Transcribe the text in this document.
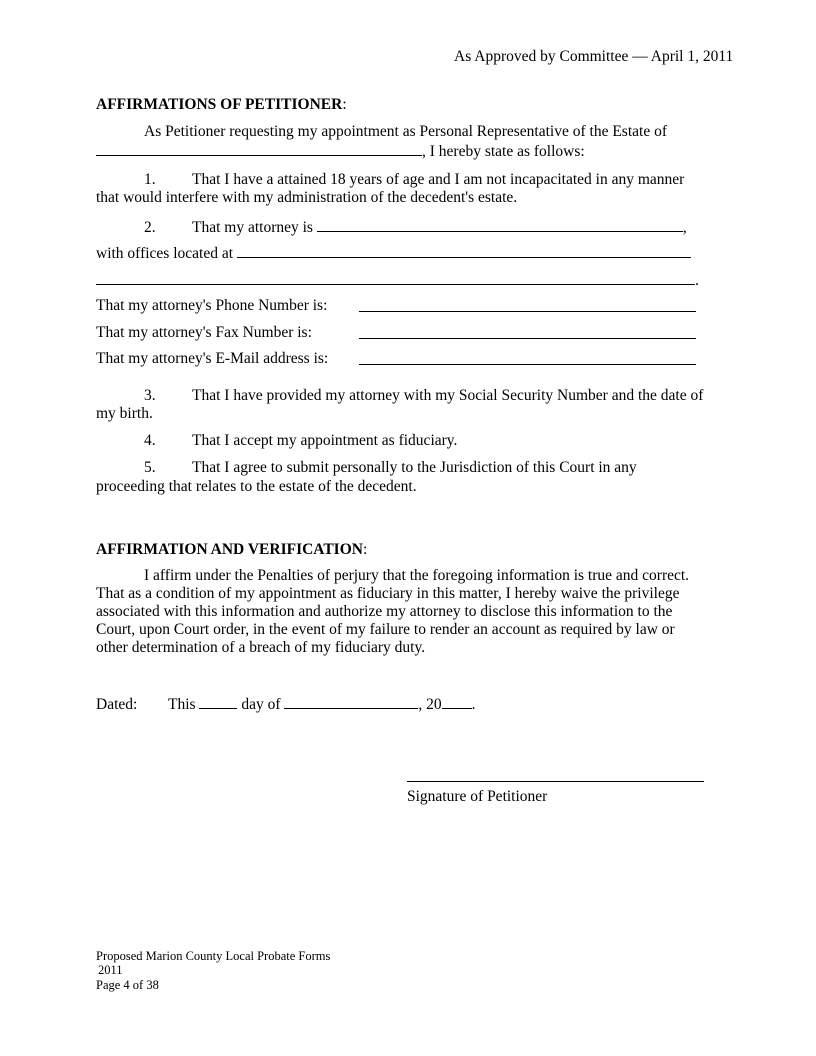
As Approved by Committee — April 1, 2011
AFFIRMATIONS OF PETITIONER:
As Petitioner requesting my appointment as Personal Representative of the Estate of
, I hereby state as follows:
1. That I have a attained 18 years of age and I am not incapacitated in any manner
that would interfere with my administration of the decedent's estate.
2. That my attorney is	,
with offices located at
.
That my attorney's Phone Number is:
That my attorney's Fax Number is:
That my attorney's E-Mail address is:
3. That I have provided my attorney with my Social Security Number and the date of
my birth.
4. That I accept my appointment as fiduciary.
5. That I agree to submit personally to the Jurisdiction of this Court in any
proceeding that relates to the estate of the decedent.
AFFIRMATION AND VERIFICATION:
I affirm under the Penalties of perjury that the foregoing information is true and correct.
That as a condition of my appointment as fiduciary in this matter, I hereby waive the privilege
associated with this information and authorize my attorney to disclose this information to the
Court, upon Court order, in the event of my failure to render an account as required by law or
other determination of a breach of my fiduciary duty.
Dated: This	day of	, 20 .
Signature of Petitioner
Proposed Marion County Local Probate Forms
2011
Page 4 of 38
